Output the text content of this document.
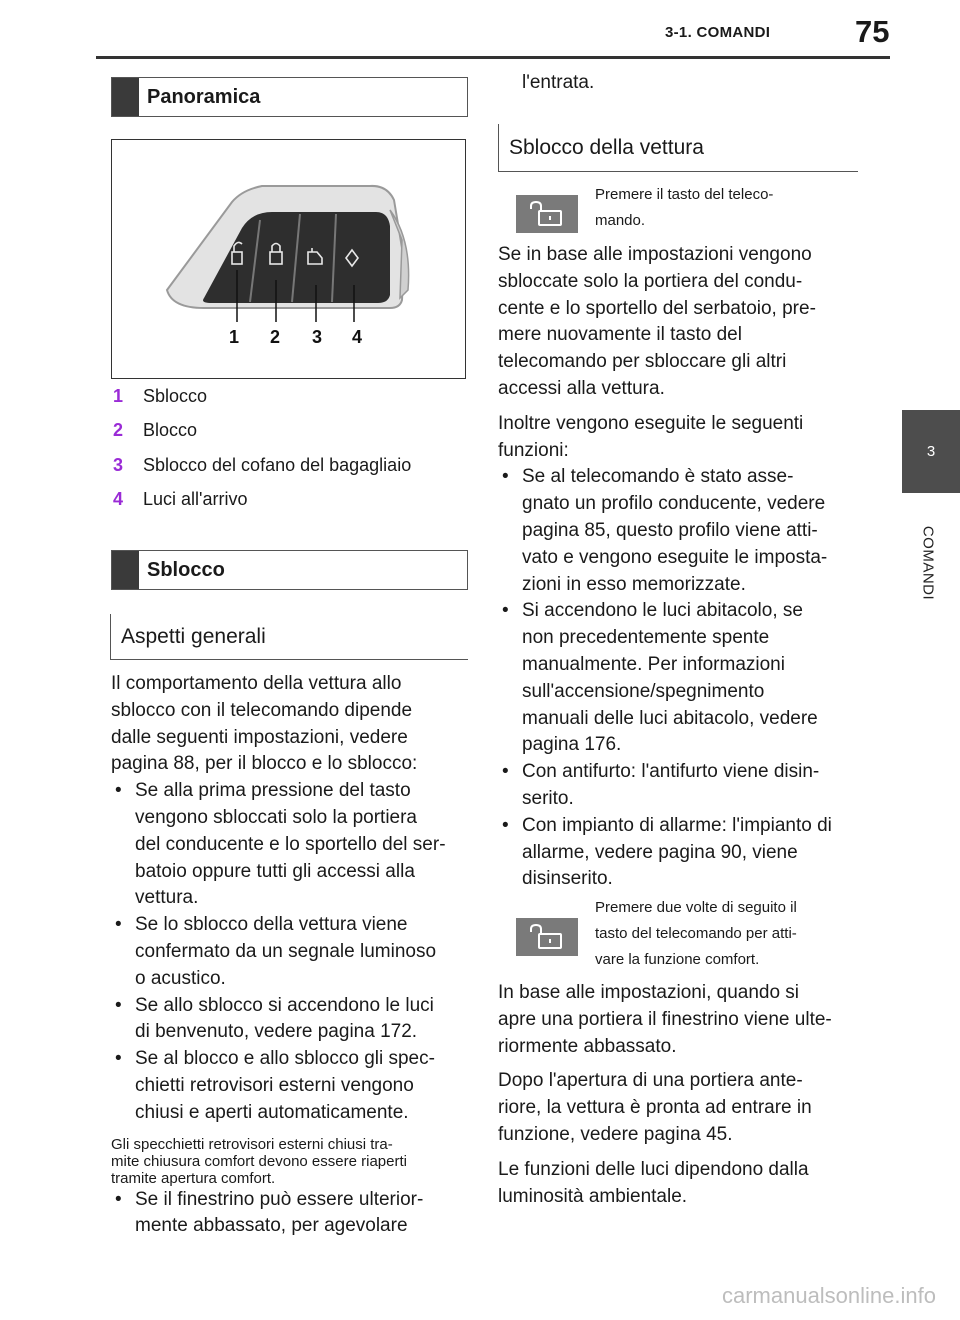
3-1. COMANDI	75
3
COMANDI
Panoramica
1 2 3 4
1	Sblocco
2	Blocco
3	Sblocco del cofano del bagagliaio
4	Luci all'arrivo
Sblocco
Aspetti generali
Il comportamento della vettura allo
sblocco con il telecomando dipende
dalle seguenti impostazioni, vedere
pagina 88, per il blocco e lo sblocco:
• Se alla prima pressione del tasto
vengono sbloccati solo la portiera
del conducente e lo sportello del ser-
batoio oppure tutti gli accessi alla
vettura.
• Se lo sblocco della vettura viene
confermato da un segnale luminoso
o acustico.
• Se allo sblocco si accendono le luci
di benvenuto, vedere pagina 172.
• Se al blocco e allo sblocco gli spec-
chietti retrovisori esterni vengono
chiusi e aperti automaticamente.
Gli specchietti retrovisori esterni chiusi tra-
mite chiusura comfort devono essere riaperti
tramite apertura comfort.
• Se il finestrino può essere ulterior-
mente abbassato, per agevolare
l'entrata.
Sblocco della vettura
Premere il tasto del teleco-
mando.
Se in base alle impostazioni vengono
sbloccate solo la portiera del condu-
cente e lo sportello del serbatoio, pre-
mere nuovamente il tasto del
telecomando per sbloccare gli altri
accessi alla vettura.
Inoltre vengono eseguite le seguenti
funzioni:
• Se al telecomando è stato asse-
gnato un profilo conducente, vedere
pagina 85, questo profilo viene atti-
vato e vengono eseguite le imposta-
zioni in esso memorizzate.
• Si accendono le luci abitacolo, se
non precedentemente spente
manualmente. Per informazioni
sull'accensione/spegnimento
manuali delle luci abitacolo, vedere
pagina 176.
• Con antifurto: l'antifurto viene disin-
serito.
• Con impianto di allarme: l'impianto di
allarme, vedere pagina 90, viene
disinserito.
Premere due volte di seguito il
tasto del telecomando per atti-
vare la funzione comfort.
In base alle impostazioni, quando si
apre una portiera il finestrino viene ulte-
riormente abbassato.
Dopo l'apertura di una portiera ante-
riore, la vettura è pronta ad entrare in
funzione, vedere pagina 45.
Le funzioni delle luci dipendono dalla
luminosità ambientale.
carmanualsonline.info
